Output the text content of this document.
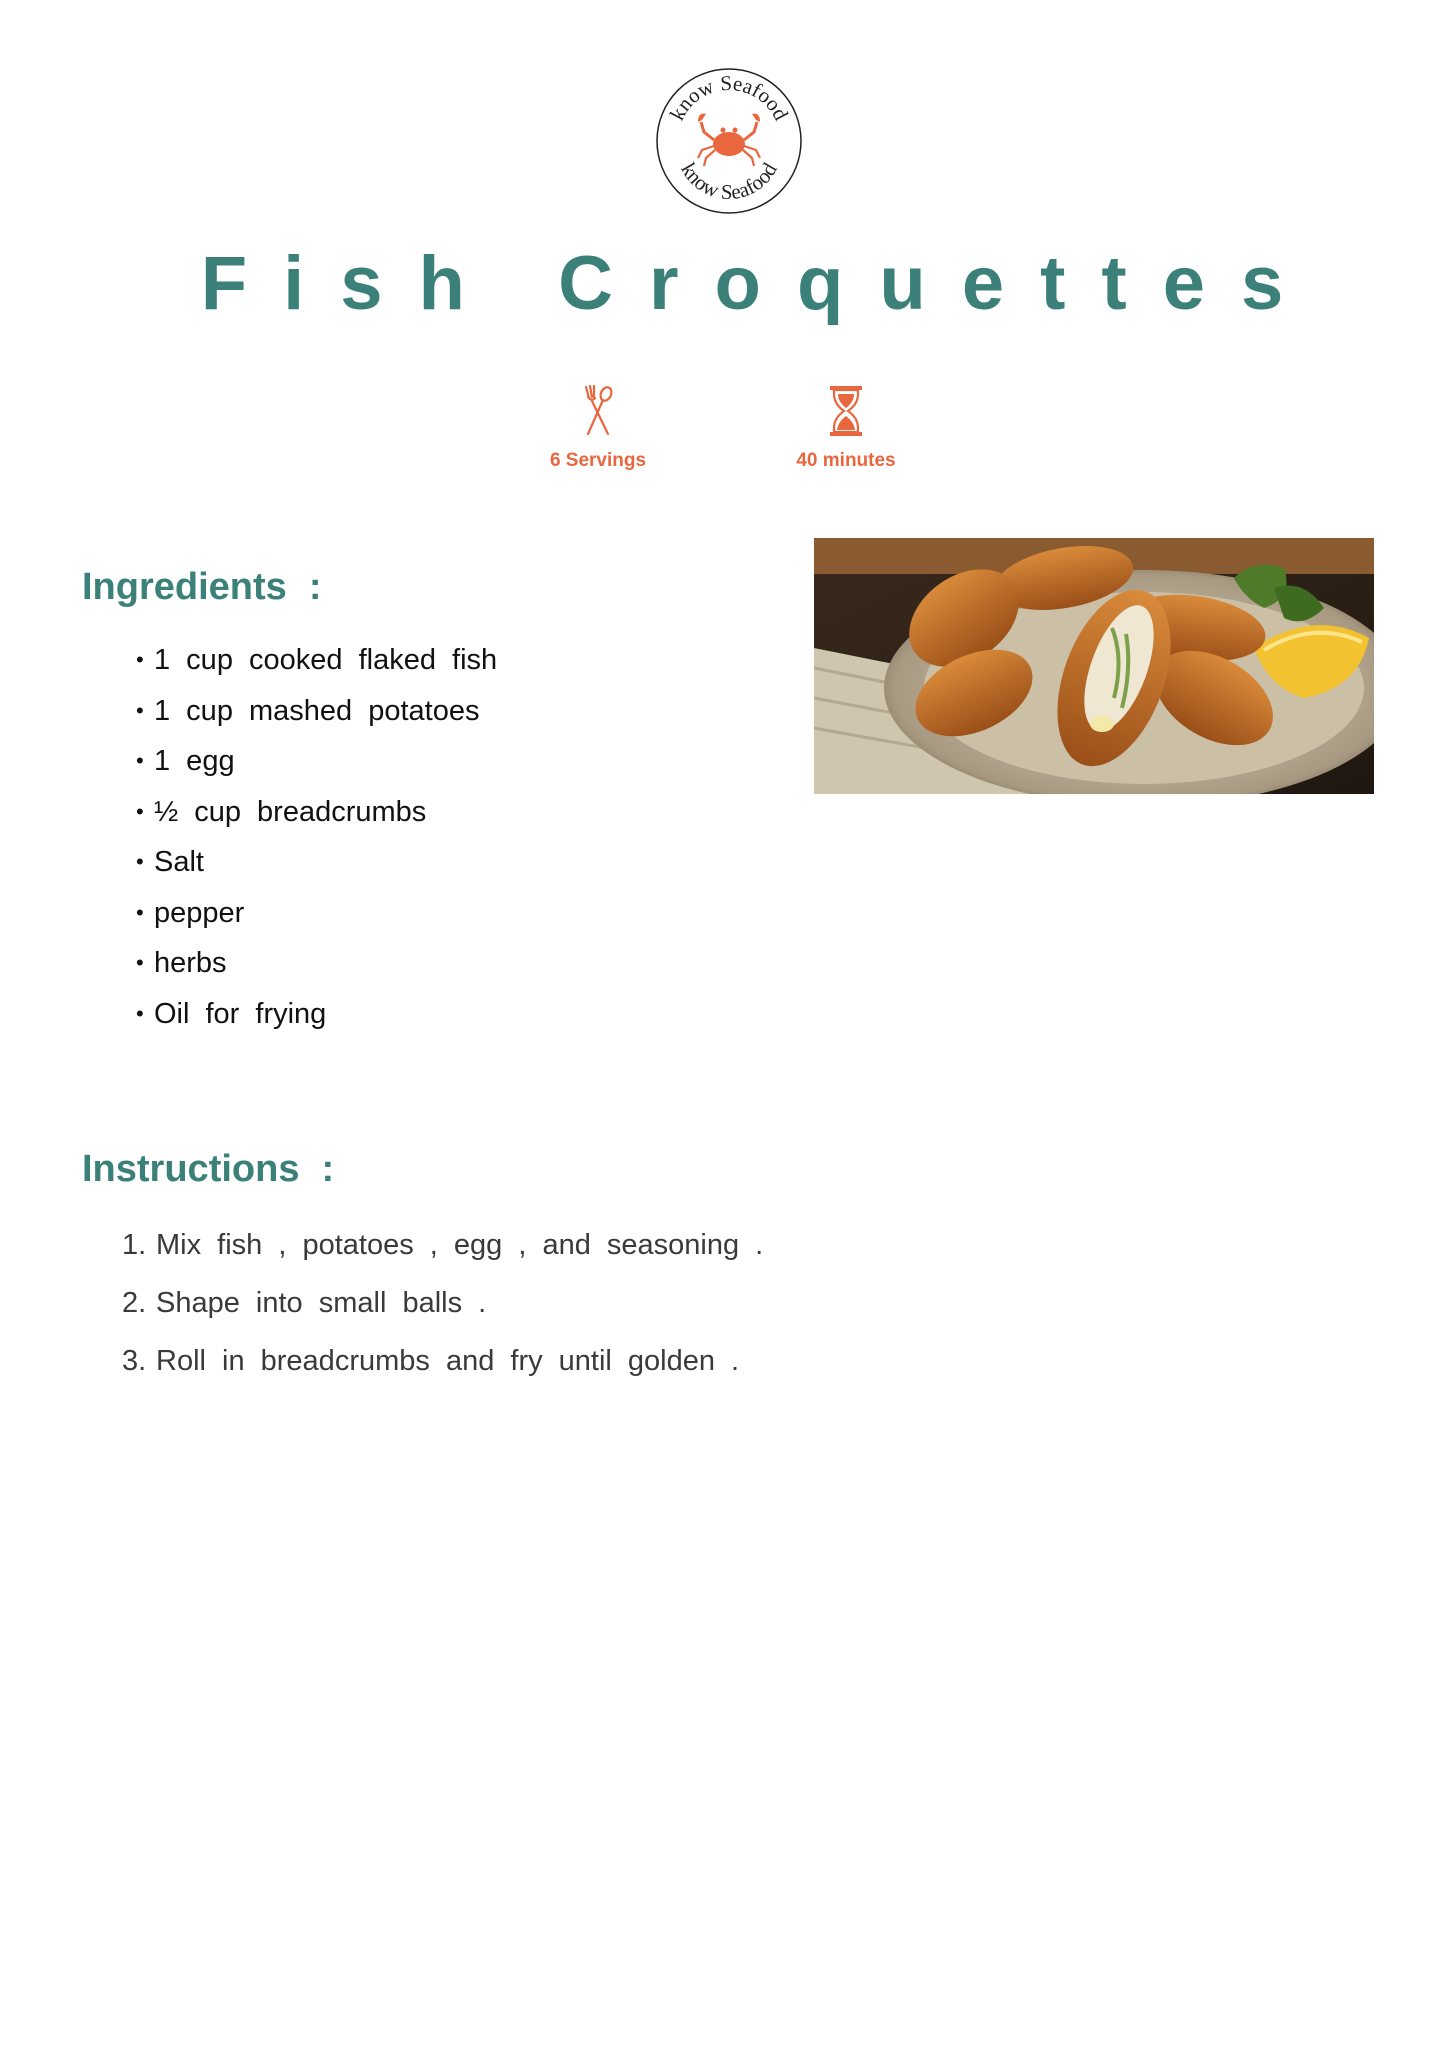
know Seafood
know Seafood
Fish Croquettes
6 Servings	40 minutes
Ingredients :
• 1 cup cooked flaked fish
• 1 cup mashed potatoes
• 1 egg
• ½ cup breadcrumbs
• Salt
• pepper
• herbs
• Oil for frying
Instructions :
1. Mix fish , potatoes , egg , and seasoning .
2. Shape into small balls .
3. Roll in breadcrumbs and fry until golden .
